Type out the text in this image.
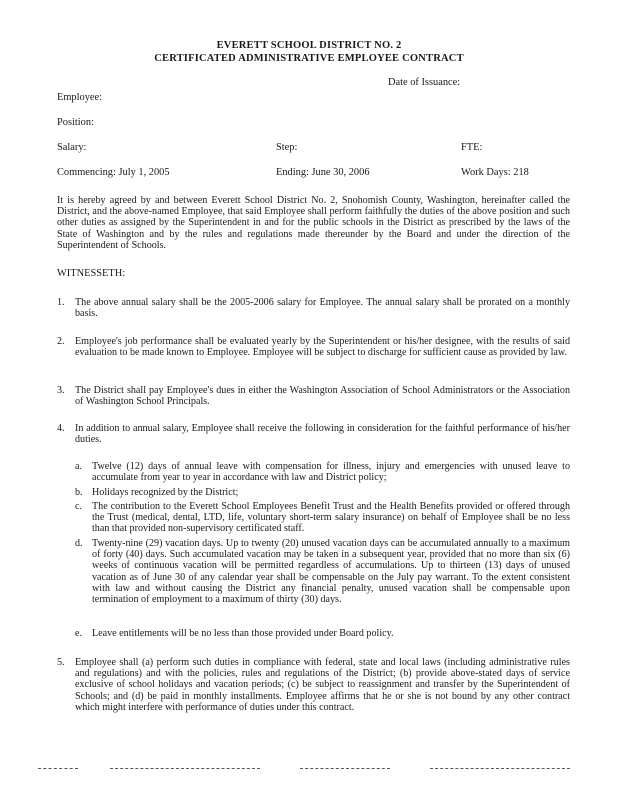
EVERETT SCHOOL DISTRICT NO. 2
CERTIFICATED ADMINISTRATIVE EMPLOYEE CONTRACT
Date of Issuance:
Employee:
Position:
Salary:	Step:	FTE:
Commencing: July 1, 2005	Ending: June 30, 2006	Work Days: 218
It is hereby agreed by and between Everett School District No. 2, Snohomish County, Washington, hereinafter called the District, and the above-named Employee, that said Employee shall perform faithfully the duties of the above position and such other duties as assigned by the Superintendent in and for the public schools in the District as prescribed by the laws of the State of Washington and by the rules and regulations made thereunder by the Board and under the direction of the Superintendent of Schools.
WITNESSETH:
1. The above annual salary shall be the 2005-2006 salary for Employee. The annual salary shall be prorated on a monthly basis.
2. Employee's job performance shall be evaluated yearly by the Superintendent or his/her designee, with the results of said evaluation to be made known to Employee. Employee will be subject to discharge for sufficient cause as provided by law.
3. The District shall pay Employee's dues in either the Washington Association of School Administrators or the Association of Washington School Principals.
4. In addition to annual salary, Employee shall receive the following in consideration for the faithful performance of his/her duties.
a. Twelve (12) days of annual leave with compensation for illness, injury and emergencies with unused leave to accumulate from year to year in accordance with law and District policy;
b. Holidays recognized by the District;
c. The contribution to the Everett School Employees Benefit Trust and the Health Benefits provided or offered through the Trust (medical, dental, LTD, life, voluntary short-term salary insurance) on behalf of Employee shall be no less than that provided non-supervisory certificated staff.
d. Twenty-nine (29) vacation days. Up to twenty (20) unused vacation days can be accumulated annually to a maximum of forty (40) days. Such accumulated vacation may be taken in a subsequent year, provided that no more than six (6) weeks of continuous vacation will be permitted regardless of accumulations. Up to thirteen (13) days of unused vacation as of June 30 of any calendar year shall be compensable on the July pay warrant. To the extent consistent with law and without causing the District any financial penalty, unused vacation shall be compensable upon termination of employment to a maximum of thirty (30) days.
e. Leave entitlements will be no less than those provided under Board policy.
5. Employee shall (a) perform such duties in compliance with federal, state and local laws (including administrative rules and regulations) and with the policies, rules and regulations of the District; (b) provide above-stated days of service exclusive of school holidays and vacation periods; (c) be subject to reassignment and transfer by the Superintendent of Schools; and (d) be paid in monthly installments. Employee affirms that he or she is not bound by any other contract which might interfere with performance of duties under this contract.
